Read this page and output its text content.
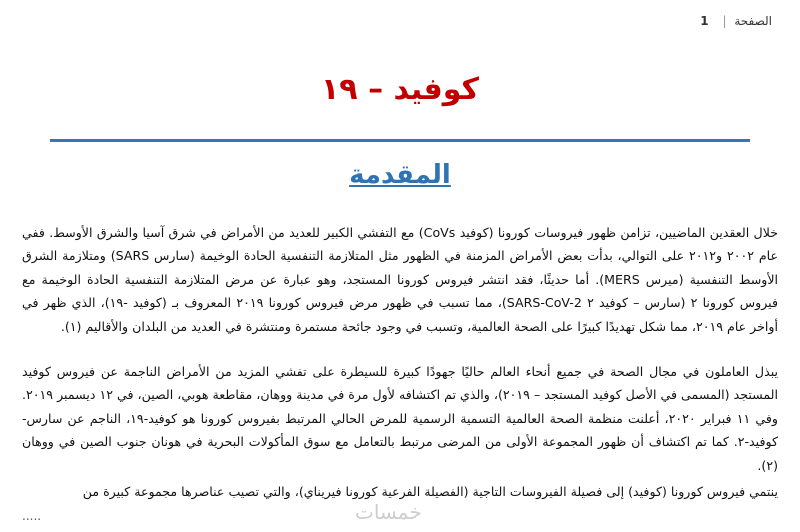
الصفحة | 1
كوفيد – ١٩
المقدمة

خلال العقدين الماضيين، تزامن ظهور فيروسات كورونا (كوفيد CoVs) مع التفشي الكبير للعديد من الأمراض في شرق آسيا والشرق الأوسط. ففي عام ٢٠٠٢ و٢٠١٢ على التوالي، بدأت بعض الأمراض المزمنة في الظهور مثل المتلازمة التنفسية الحادة الوخيمة (سارس SARS) ومتلازمة الشرق الأوسط التنفسية (ميرس MERS). أما حديثًا، فقد انتشر فيروس كورونا المستجد، وهو عبارة عن مرض المتلازمة التنفسية الحادة الوخيمة مع فيروس كورونا ٢ (سارس – كوفيد ٢ SARS-CoV-2)، مما تسبب في ظهور مرض فيروس كورونا ٢٠١٩ المعروف بـ (كوفيد -١٩)، الذي ظهر في أواخر عام ٢٠١٩، مما شكل تهديدًا كبيرًا على الصحة العالمية، وتسبب في وجود جائحة مستمرة ومنتشرة في العديد من البلدان والأقاليم (١).

يبذل العاملون في مجال الصحة في جميع أنحاء العالم حاليًا جهودًا كبيرة للسيطرة على تفشي المزيد من الأمراض الناجمة عن فيروس كوفيد المستجد (المسمى في الأصل كوفيد المستجد – ٢٠١٩)، والذي تم اكتشافه لأول مرة في مدينة ووهان، مقاطعة هوبي، الصين، في ١٢ ديسمبر ٢٠١٩. وفي ١١ فبراير ٢٠٢٠، أعلنت منظمة الصحة العالمية التسمية الرسمية للمرض الحالي المرتبط بفيروس كورونا هو كوفيد-١٩، الناجم عن سارس-كوفيد-٢. كما تم اكتشاف أن ظهور المجموعة الأولى من المرضى مرتبط بالتعامل مع سوق المأكولات البحرية في هونان جنوب الصين في ووهان (٢).

ينتمي فيروس كورونا (كوفيد) إلى فصيلة الفيروسات التاجية (الفصيلة الفرعية كورونا فيريناي)، والتي تصيب عناصرها مجموعة كبيرة من

.....	خمسات
